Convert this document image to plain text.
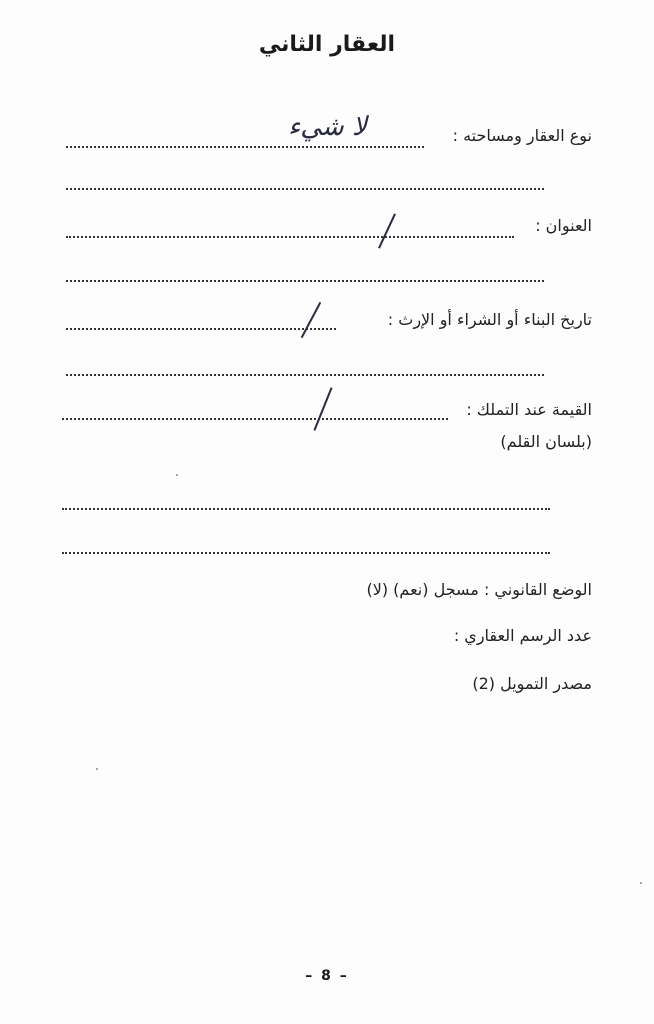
العقار الثاني
نوع العقار ومساحته :
لا شيء
العنوان :
تاريخ البناء أو الشراء أو الإرث :
القيمة عند التملك :
(بلسان القلم)
الوضع القانوني : مسجل (نعم) (لا)
عدد الرسم العقاري :
مصدر التمويل (2)
– 8 –
